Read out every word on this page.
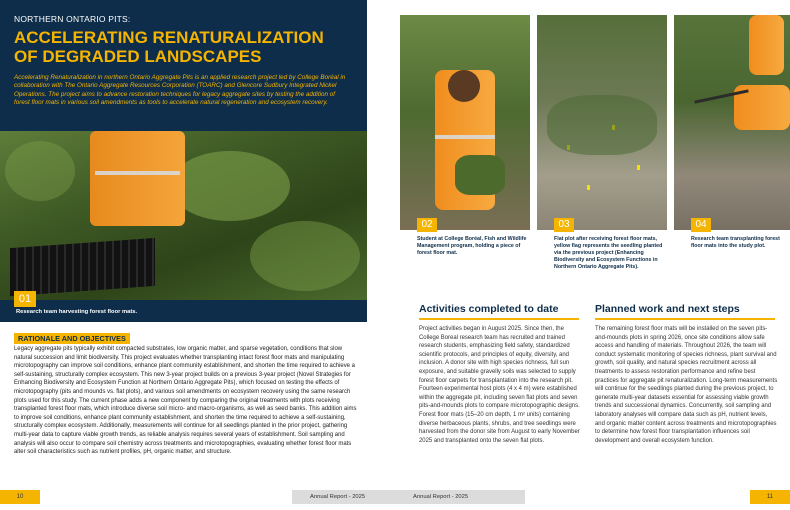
NORTHERN ONTARIO PITS:
ACCELERATING RENATURALIZATION
OF DEGRADED LANDSCAPES
Accelerating Renaturalization in northern Ontario Aggregate Pits is an applied research project led by College Boréal in collaboration with The Ontario Aggregate Resources Corporation (TOARC) and Glencore Sudbury Integrated Nickel Operations. The project aims to advance restoration techniques for legacy aggregate sites by testing the addition of forest floor mats in various soil amendments as tools to accelerate natural regeneration and ecosystem recovery.
01
Research team harvesting forest floor mats.
RATIONALE AND OBJECTIVES
Legacy aggregate pits typically exhibit compacted substrates, low organic matter, and sparse vegetation, conditions that slow natural succession and limit biodiversity. This project evaluates whether transplanting intact forest floor mats and manipulating microtopography can improve soil conditions, enhance plant community establishment, and shorten the time required to achieve a self-sustaining, structurally complex ecosystem. This new 3-year project builds on a previous 3-year project (Novel Strategies for Enhancing Biodiversity and Ecosystem Function at Northern Ontario Aggregate Pits), which focused on testing the effects of microtopography (pits and mounds vs. flat plots), and various soil amendments on ecosystem recovery using the same research plots used for this study. The current phase adds a new component by comparing the original treatments with plots receiving transplanted forest floor mats, which introduce diverse soil micro- and macro-organisms, as well as seed banks. This addition aims to improve soil conditions, enhance plant community establishment, and shorten the time required to achieve a self-sustaining, structurally complex ecosystem. Additionally, measurements will continue for all seedlings planted in the prior project, gathering multi-year data to capture viable growth trends, as reliable analysis requires several years of establishment. Soil sampling and analysis will also occur to compare soil chemistry across treatments and microtopographies, evaluating whether forest floor mats alter soil characteristics such as nutrient profiles, pH, organic matter, and structure.
10	Annual Report - 2025
02	03	04
Student at College Boréal, Fish and Wildlife Management program, holding a piece of forest floor mat.
Flat plot after receiving forest floor mats, yellow flag represents the seedling planted via the previous project (Enhancing Biodiversity and Ecosystem Functions in Northern Ontario Aggregate Pits).
Research team transplanting forest floor mats into the study plot.
Activities completed to date
Project activities began in August 2025. Since then, the College Boreal research team has recruited and trained research students, emphasizing field safety, standardized scientific protocols, and principles of equity, diversity, and inclusion. A donor site with high species richness, full sun exposure, and suitable gravelly soils was selected to supply forest floor carpets for transplantation into the research pit. Fourteen experimental host plots (4 x 4 m) were established within the aggregate pit, including seven flat plots and seven pits-and-mounds plots to compare microtopographic designs. Forest floor mats (15–20 cm depth, 1 m² units) containing diverse herbaceous plants, shrubs, and tree seedlings were harvested from the donor site from August to early November 2025 and transplanted onto the seven flat plots.
Planned work and next steps
The remaining forest floor mats will be installed on the seven pits-and-mounds plots in spring 2026, once site conditions allow safe access and handling of materials. Throughout 2026, the team will conduct systematic monitoring of species richness, plant survival and growth, soil quality, and natural species recruitment across all treatments to assess restoration performance and refine best practices for aggregate pit renaturalization. Long-term measurements will continue for the seedlings planted during the previous project, to generate multi-year datasets essential for assessing viable growth trends and successional dynamics. Concurrently, soil sampling and laboratory analyses will compare data such as pH, nutrient levels, and organic matter content across treatments and microtopographies to determine how forest floor transplantation influences soil development and overall ecosystem function.
Annual Report - 2025	11
